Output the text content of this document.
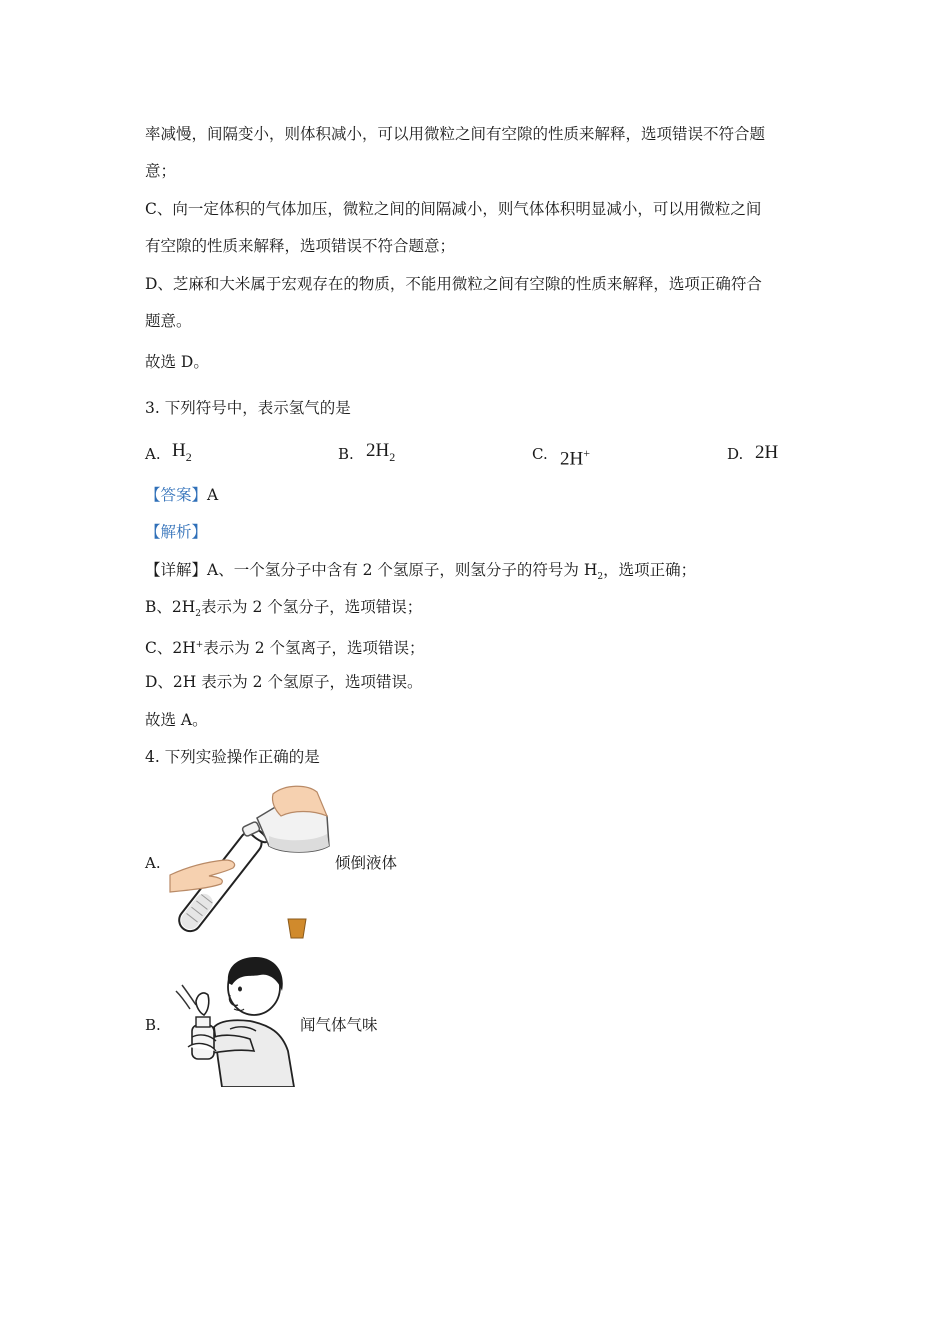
率减慢，间隔变小，则体积减小，可以用微粒之间有空隙的性质来解释，选项错误不符合题
意；
C、向一定体积的气体加压，微粒之间的间隔减小，则气体体积明显减小，可以用微粒之间
有空隙的性质来解释，选项错误不符合题意；
D、芝麻和大米属于宏观存在的物质，不能用微粒之间有空隙的性质来解释，选项正确符合
题意。
故选 D。
3. 下列符号中，表示氢气的是
A. $H_2$	B. $2H_2$	C. 2H+	D. 2H
【答案】A
【解析】
【详解】A、一个氢分子中含有 2 个氢原子，则氢分子的符号为 $H_2$，选项正确；
B、$2H_2$表示为 2 个氢分子，选项错误；
C、2H+表示为 2 个氢离子，选项错误；
D、2H 表示为 2 个氢原子，选项错误。
故选 A。
4. 下列实验操作正确的是
A.	倾倒液体
B.	闻气体气味
